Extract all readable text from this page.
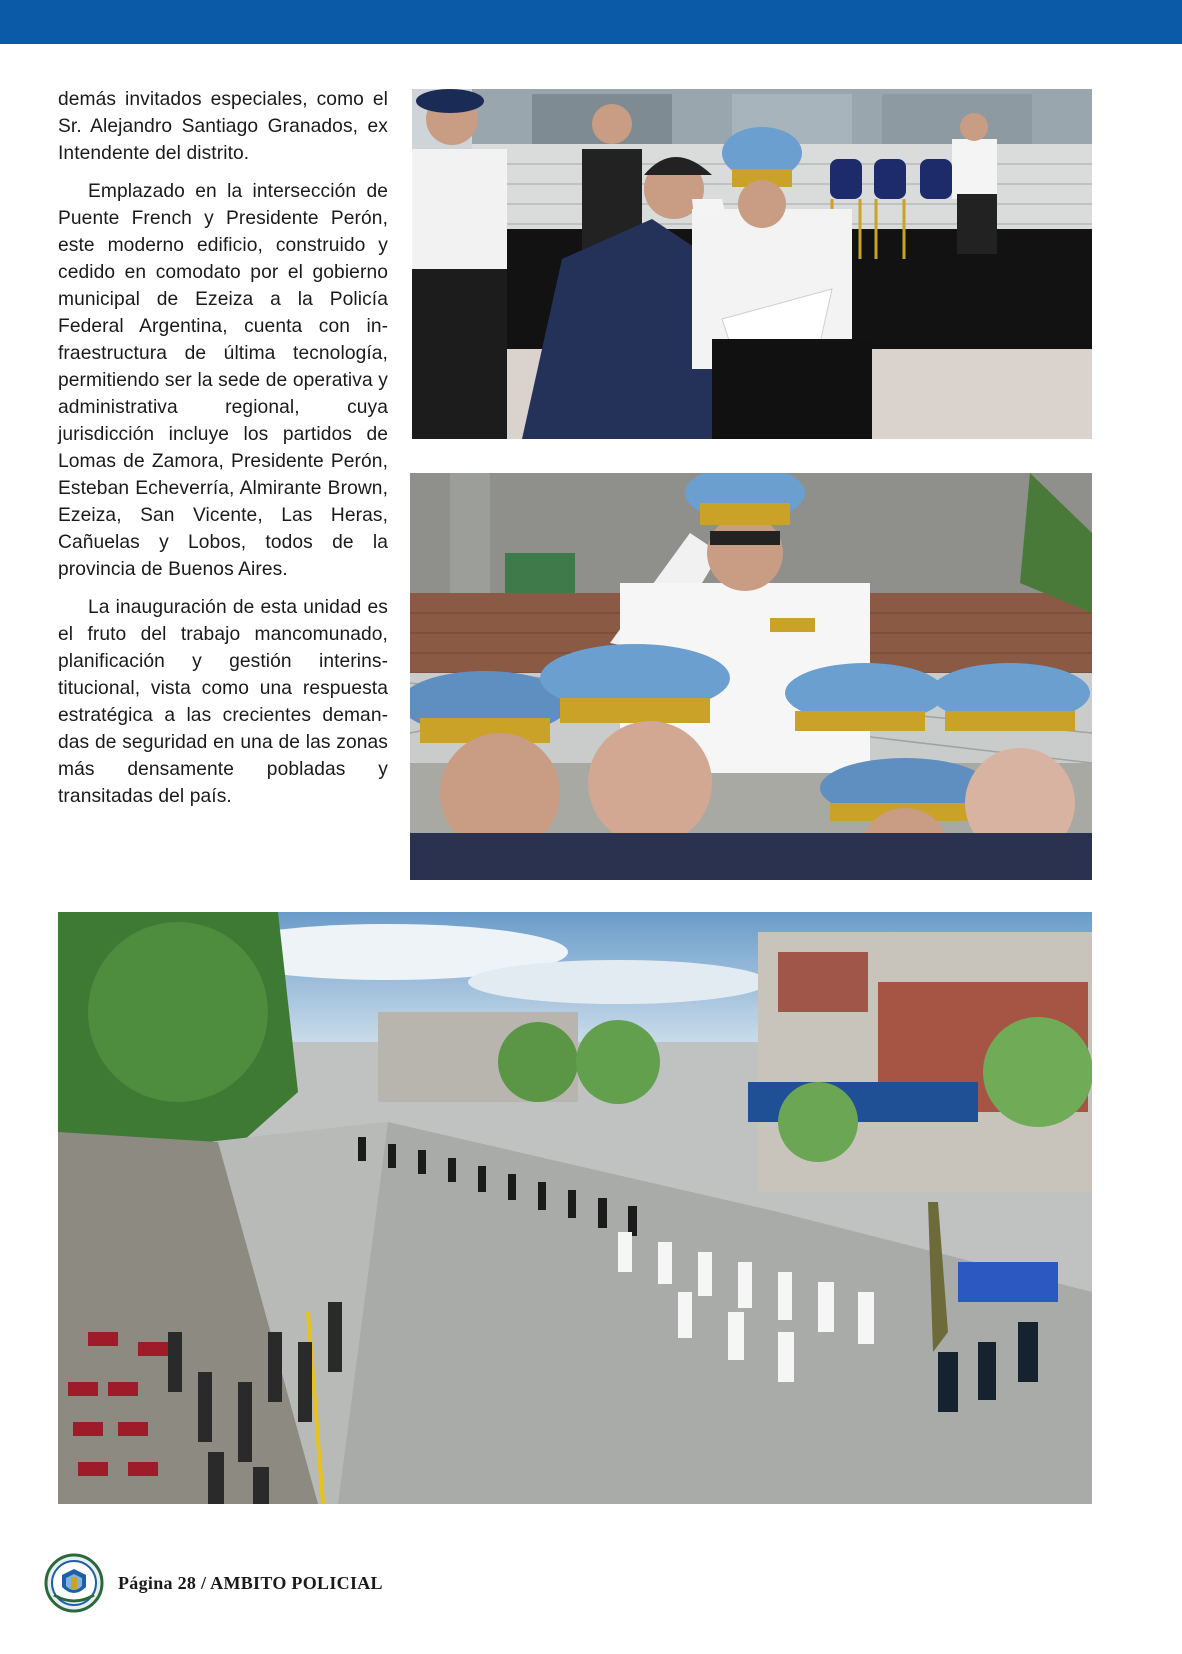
demás invitados especiales, como el Sr. Alejandro Santiago Granados, ex Intendente del distrito.

Emplazado en la intersección de Puente French y Presidente Perón, este moderno edificio, construido y cedido en comodato por el gobierno municipal de Ezeiza a la Policía Federal Argentina, cuenta con infraestructura de última tecnología, permitiendo ser la sede de operativa y administrativa regional, cuya jurisdicción incluye los partidos de Lomas de Zamora, Presidente Perón, Esteban Echeverría, Almirante Brown, Ezeiza, San Vicente, Las Heras, Cañuelas y Lobos, todos de la provincia de Buenos Aires.

La inauguración de esta unidad es el fruto del trabajo mancomunado, planificación y gestión interinstitucional, vista como una respuesta estratégica a las crecientes demandas de seguridad en una de las zonas más densamente pobladas y transitadas del país.

Página 28 / AMBITO POLICIAL
